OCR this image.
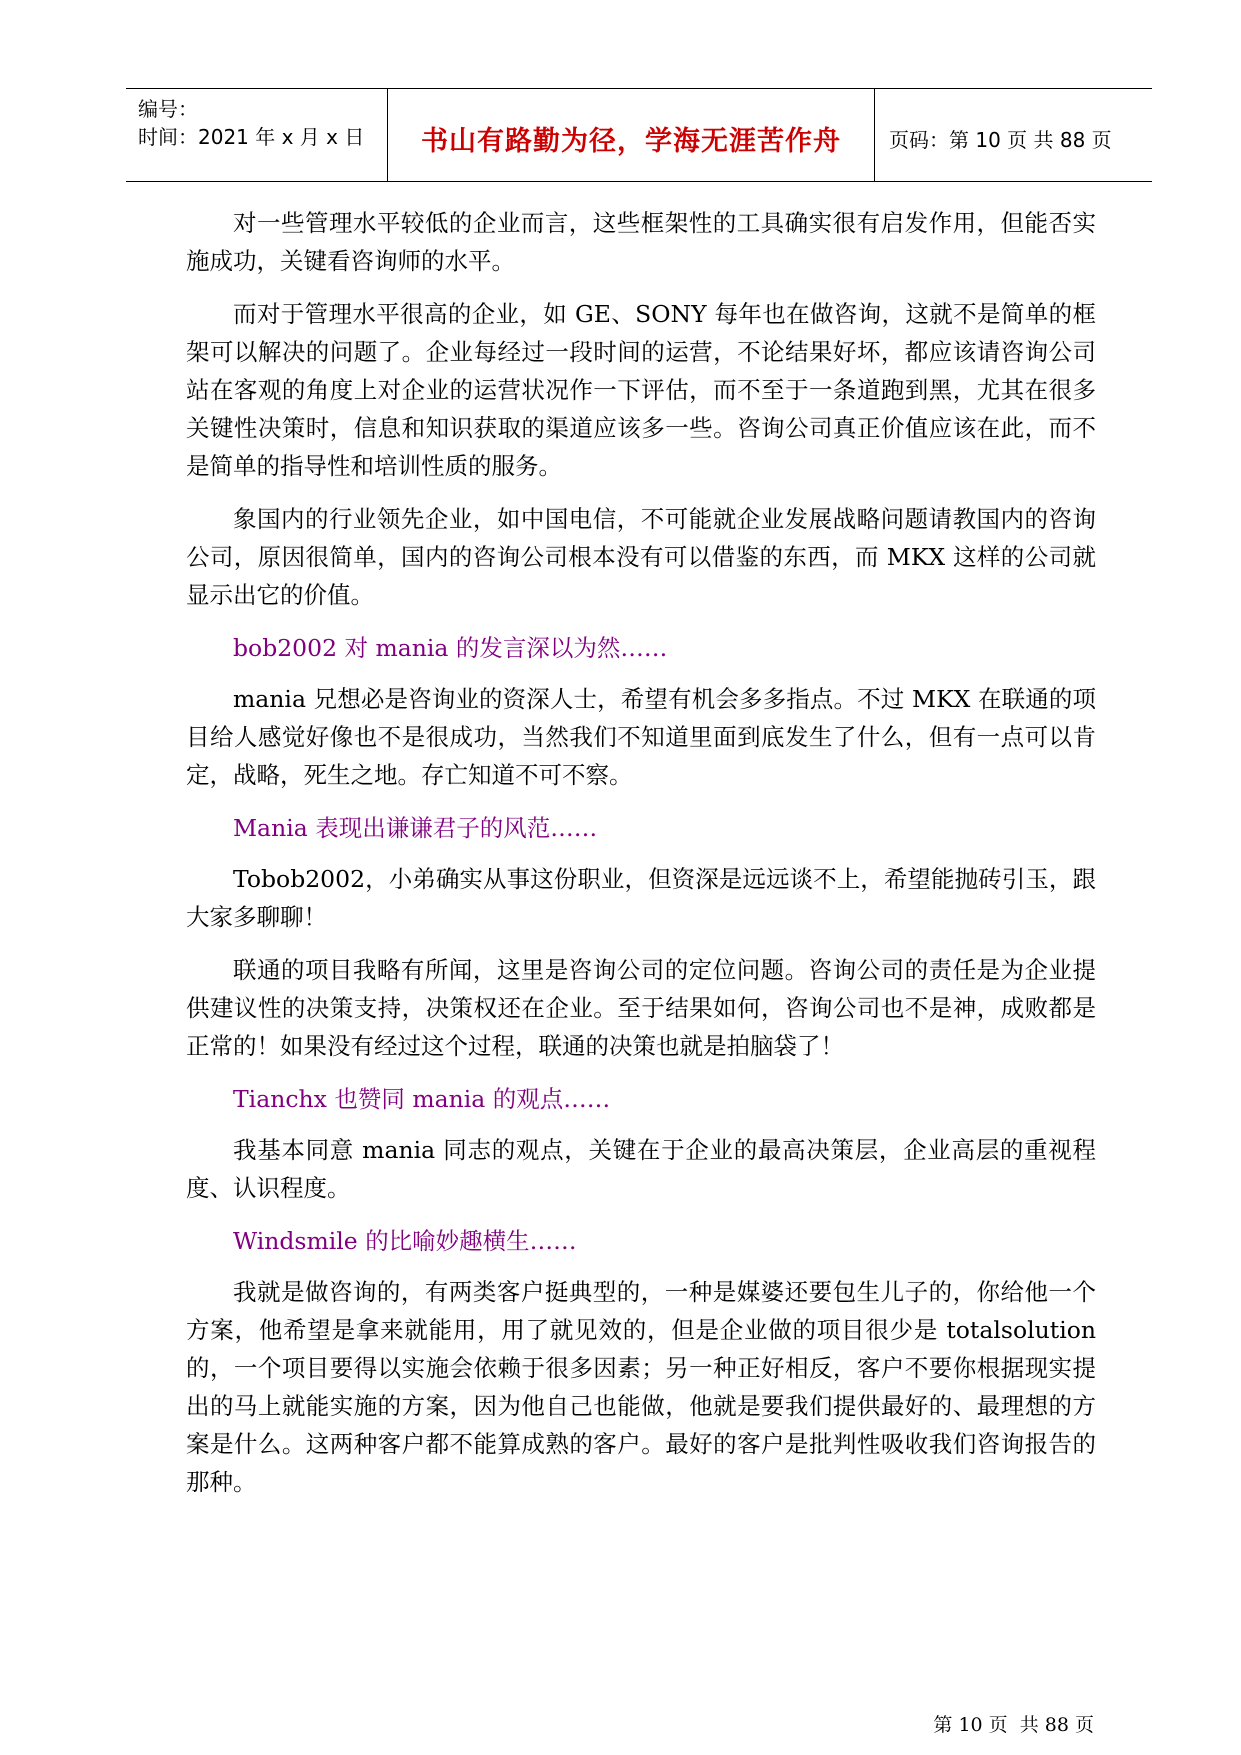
编号：
时间：2021 年 x 月 x 日	书山有路勤为径，学海无涯苦作舟	页码：第 10 页 共 88 页

对一些管理水平较低的企业而言，这些框架性的工具确实很有启发作用，但能否实施成功，关键看咨询师的水平。

而对于管理水平很高的企业，如 GE、SONY 每年也在做咨询，这就不是简单的框架可以解决的问题了。企业每经过一段时间的运营，不论结果好坏，都应该请咨询公司站在客观的角度上对企业的运营状况作一下评估，而不至于一条道跑到黑，尤其在很多关键性决策时，信息和知识获取的渠道应该多一些。咨询公司真正价值应该在此，而不是简单的指导性和培训性质的服务。

象国内的行业领先企业，如中国电信，不可能就企业发展战略问题请教国内的咨询公司，原因很简单，国内的咨询公司根本没有可以借鉴的东西，而 MKX 这样的公司就显示出它的价值。

bob2002 对 mania 的发言深以为然……

mania 兄想必是咨询业的资深人士，希望有机会多多指点。不过 MKX 在联通的项目给人感觉好像也不是很成功，当然我们不知道里面到底发生了什么，但有一点可以肯定，战略，死生之地。存亡知道不可不察。

Mania 表现出谦谦君子的风范……

Tobob2002，小弟确实从事这份职业，但资深是远远谈不上，希望能抛砖引玉，跟大家多聊聊！

联通的项目我略有所闻，这里是咨询公司的定位问题。咨询公司的责任是为企业提供建议性的决策支持，决策权还在企业。至于结果如何，咨询公司也不是神，成败都是正常的！如果没有经过这个过程，联通的决策也就是拍脑袋了！

Tianchx 也赞同 mania 的观点……

我基本同意 mania 同志的观点，关键在于企业的最高决策层，企业高层的重视程度、认识程度。

Windsmile 的比喻妙趣横生……

我就是做咨询的，有两类客户挺典型的，一种是媒婆还要包生儿子的，你给他一个方案，他希望是拿来就能用，用了就见效的，但是企业做的项目很少是 totalsolution 的，一个项目要得以实施会依赖于很多因素；另一种正好相反，客户不要你根据现实提出的马上就能实施的方案，因为他自己也能做，他就是要我们提供最好的、最理想的方案是什么。这两种客户都不能算成熟的客户。最好的客户是批判性吸收我们咨询报告的那种。

第 10 页  共 88 页
